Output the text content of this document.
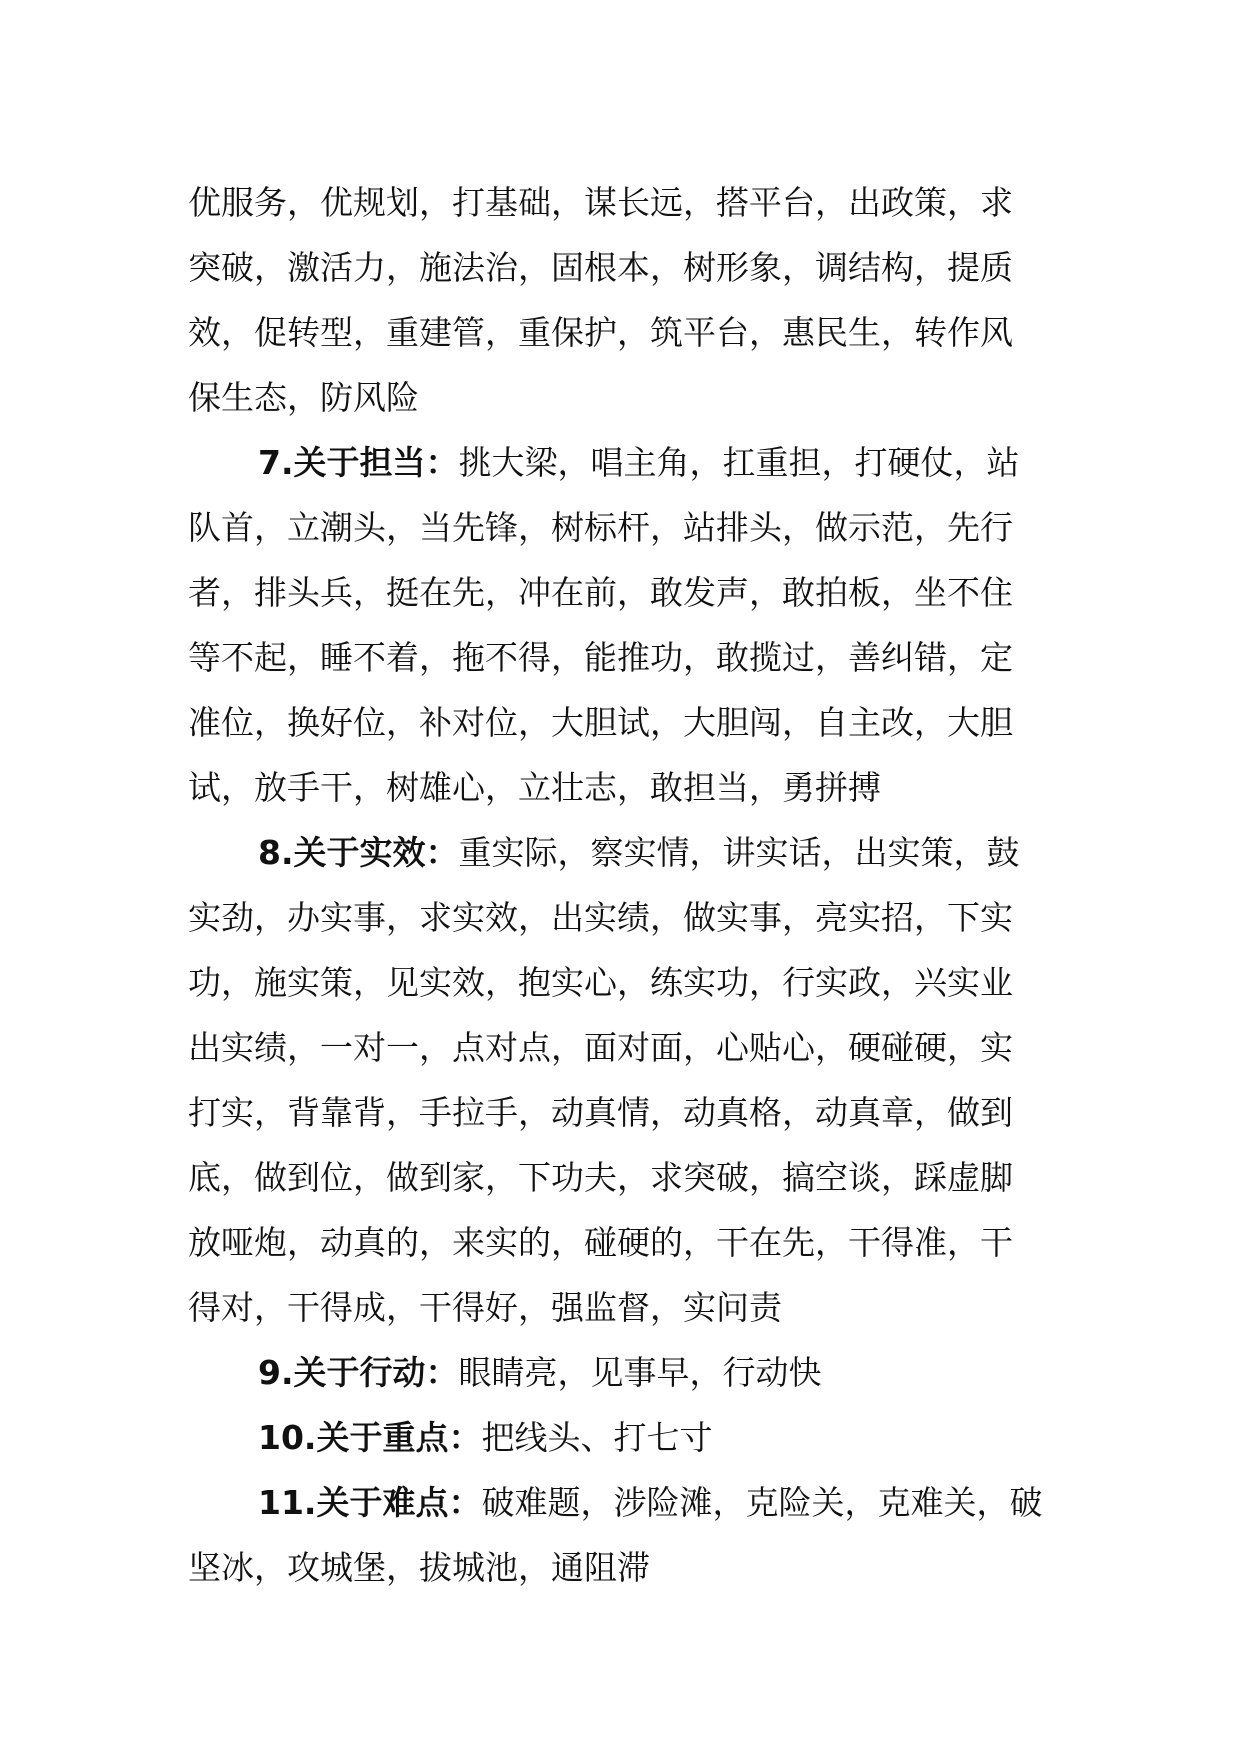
优服务，优规划，打基础，谋长远，搭平台，出政策，求
突破，激活力，施法治，固根本，树形象，调结构，提质
效，促转型，重建管，重保护，筑平台，惠民生，转作风
保生态，防风险
7.关于担当：挑大梁，唱主角，扛重担，打硬仗，站
队首，立潮头，当先锋，树标杆，站排头，做示范，先行
者，排头兵，挺在先，冲在前，敢发声，敢拍板，坐不住
等不起，睡不着，拖不得，能推功，敢揽过，善纠错，定
准位，换好位，补对位，大胆试，大胆闯，自主改，大胆
试，放手干，树雄心，立壮志，敢担当，勇拼搏
8.关于实效：重实际，察实情，讲实话，出实策，鼓
实劲，办实事，求实效，出实绩，做实事，亮实招，下实
功，施实策，见实效，抱实心，练实功，行实政，兴实业
出实绩，一对一，点对点，面对面，心贴心，硬碰硬，实
打实，背靠背，手拉手，动真情，动真格，动真章，做到
底，做到位，做到家，下功夫，求突破，搞空谈，踩虚脚
放哑炮，动真的，来实的，碰硬的，干在先，干得准，干
得对，干得成，干得好，强监督，实问责
9.关于行动：眼睛亮，见事早，行动快
10.关于重点：把线头、打七寸
11.关于难点：破难题，涉险滩，克险关，克难关，破
坚冰，攻城堡，拔城池，通阻滞
